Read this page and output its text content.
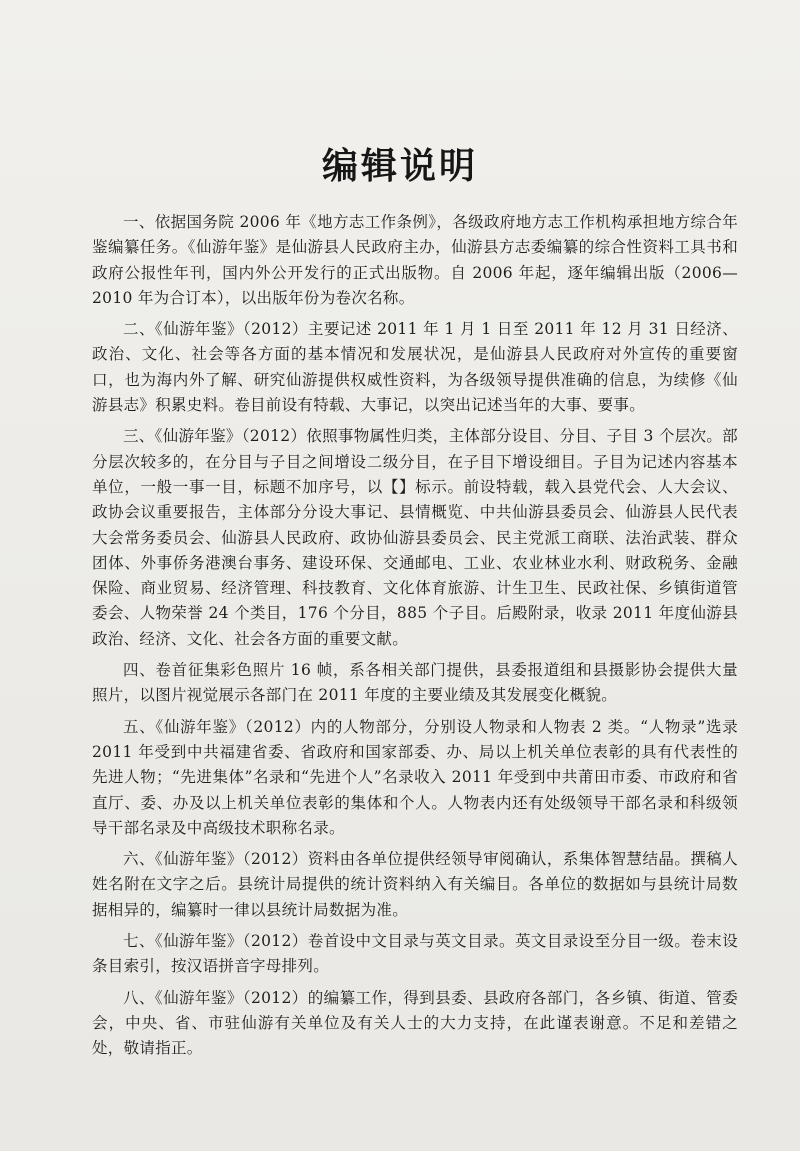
编辑说明

一、依据国务院 2006 年《地方志工作条例》，各级政府地方志工作机构承担地方综合年鉴编纂任务。《仙游年鉴》是仙游县人民政府主办，仙游县方志委编纂的综合性资料工具书和政府公报性年刊，国内外公开发行的正式出版物。自 2006 年起，逐年编辑出版（2006—2010 年为合订本），以出版年份为卷次名称。

二、《仙游年鉴》（2012）主要记述 2011 年 1 月 1 日至 2011 年 12 月 31 日经济、政治、文化、社会等各方面的基本情况和发展状况，是仙游县人民政府对外宣传的重要窗口，也为海内外了解、研究仙游提供权威性资料，为各级领导提供准确的信息，为续修《仙游县志》积累史料。卷目前设有特载、大事记，以突出记述当年的大事、要事。

三、《仙游年鉴》（2012）依照事物属性归类，主体部分设目、分目、子目 3 个层次。部分层次较多的，在分目与子目之间增设二级分目，在子目下增设细目。子目为记述内容基本单位，一般一事一目，标题不加序号，以【】标示。前设特载，载入县党代会、人大会议、政协会议重要报告，主体部分分设大事记、县情概览、中共仙游县委员会、仙游县人民代表大会常务委员会、仙游县人民政府、政协仙游县委员会、民主党派工商联、法治武装、群众团体、外事侨务港澳台事务、建设环保、交通邮电、工业、农业林业水利、财政税务、金融保险、商业贸易、经济管理、科技教育、文化体育旅游、计生卫生、民政社保、乡镇街道管委会、人物荣誉 24 个类目，176 个分目，885 个子目。后殿附录，收录 2011 年度仙游县政治、经济、文化、社会各方面的重要文献。

四、卷首征集彩色照片 16 帧，系各相关部门提供，县委报道组和县摄影协会提供大量照片，以图片视觉展示各部门在 2011 年度的主要业绩及其发展变化概貌。

五、《仙游年鉴》（2012）内的人物部分，分别设人物录和人物表 2 类。“人物录”选录 2011 年受到中共福建省委、省政府和国家部委、办、局以上机关单位表彰的具有代表性的先进人物；“先进集体”名录和“先进个人”名录收入 2011 年受到中共莆田市委、市政府和省直厅、委、办及以上机关单位表彰的集体和个人。人物表内还有处级领导干部名录和科级领导干部名录及中高级技术职称名录。

六、《仙游年鉴》（2012）资料由各单位提供经领导审阅确认，系集体智慧结晶。撰稿人姓名附在文字之后。县统计局提供的统计资料纳入有关编目。各单位的数据如与县统计局数据相异的，编纂时一律以县统计局数据为准。

七、《仙游年鉴》（2012）卷首设中文目录与英文目录。英文目录设至分目一级。卷末设条目索引，按汉语拼音字母排列。

八、《仙游年鉴》（2012）的编纂工作，得到县委、县政府各部门，各乡镇、街道、管委会，中央、省、市驻仙游有关单位及有关人士的大力支持，在此谨表谢意。不足和差错之处，敬请指正。
